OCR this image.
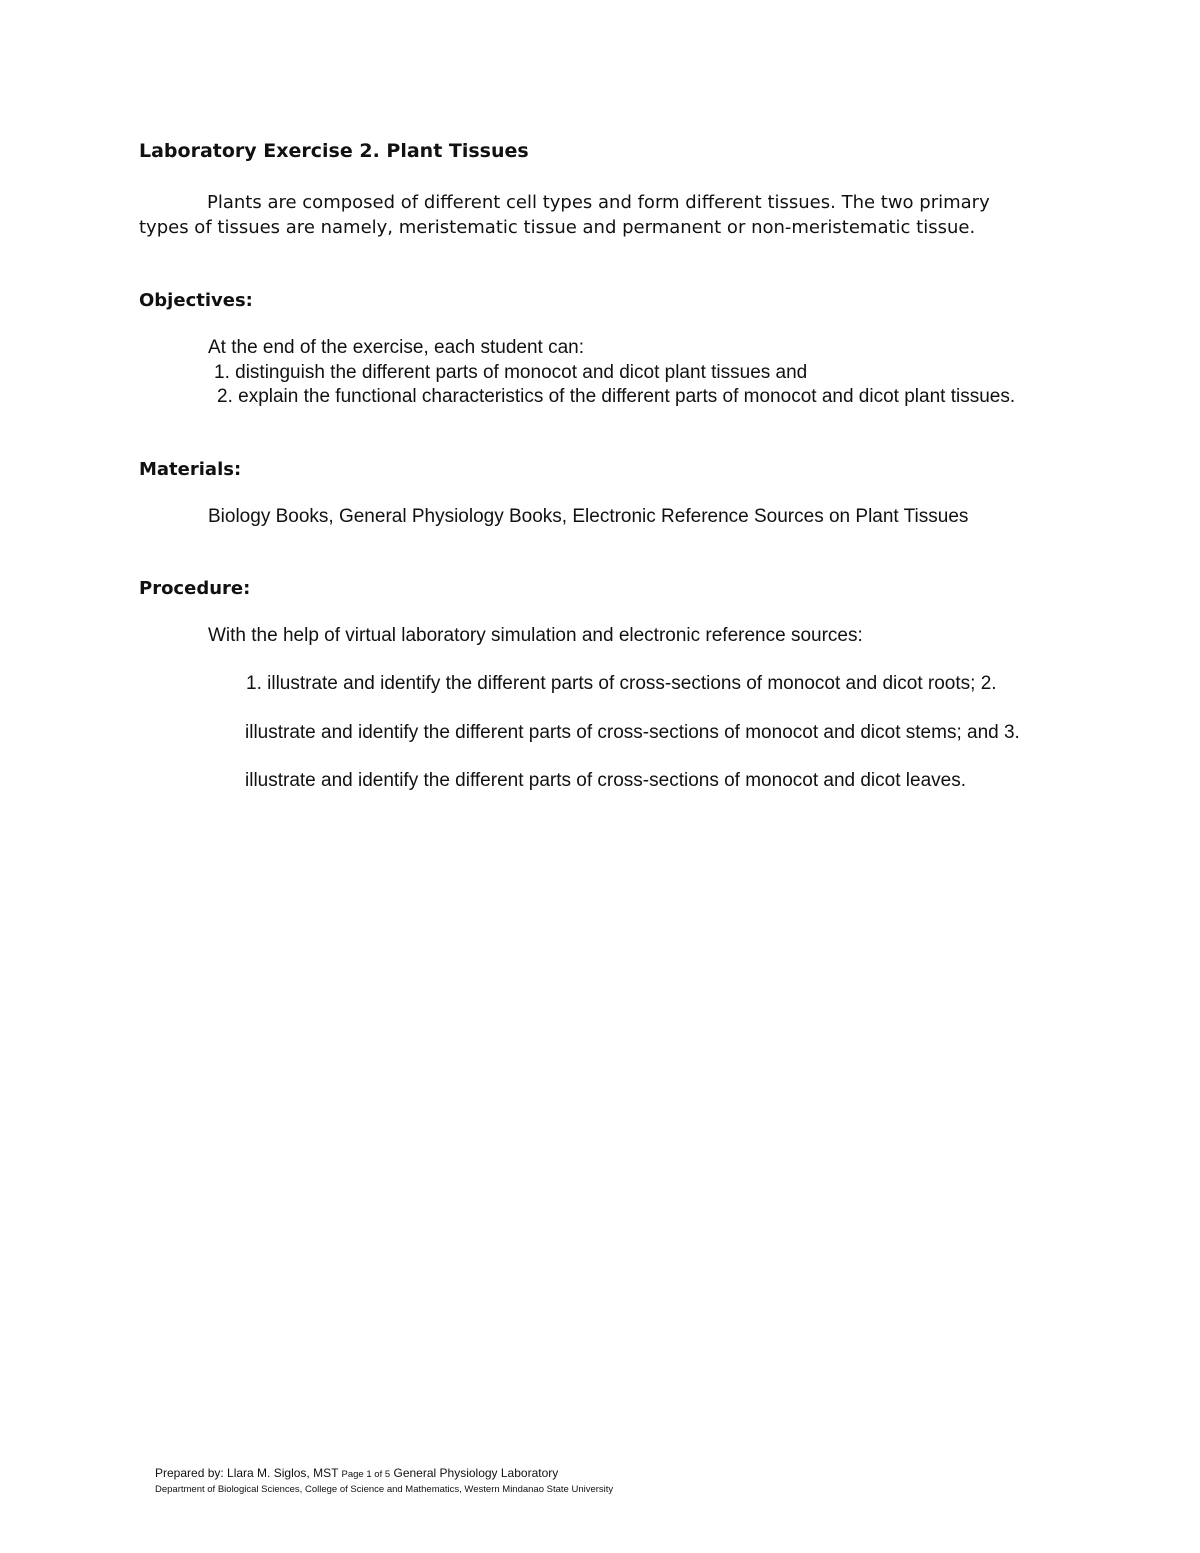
Laboratory Exercise 2. Plant Tissues
Plants are composed of different cell types and form different tissues. The two primary
types of tissues are namely, meristematic tissue and permanent or non-meristematic tissue.
Objectives:
At the end of the exercise, each student can:
1. distinguish the different parts of monocot and dicot plant tissues and
2. explain the functional characteristics of the different parts of monocot and dicot plant tissues.
Materials:
Biology Books, General Physiology Books, Electronic Reference Sources on Plant Tissues
Procedure:
With the help of virtual laboratory simulation and electronic reference sources:
1. illustrate and identify the different parts of cross-sections of monocot and dicot roots; 2.
illustrate and identify the different parts of cross-sections of monocot and dicot stems; and 3.
illustrate and identify the different parts of cross-sections of monocot and dicot leaves.
Prepared by: Llara M. Siglos, MST Page 1 of 5 General Physiology Laboratory
Department of Biological Sciences, College of Science and Mathematics, Western Mindanao State University
